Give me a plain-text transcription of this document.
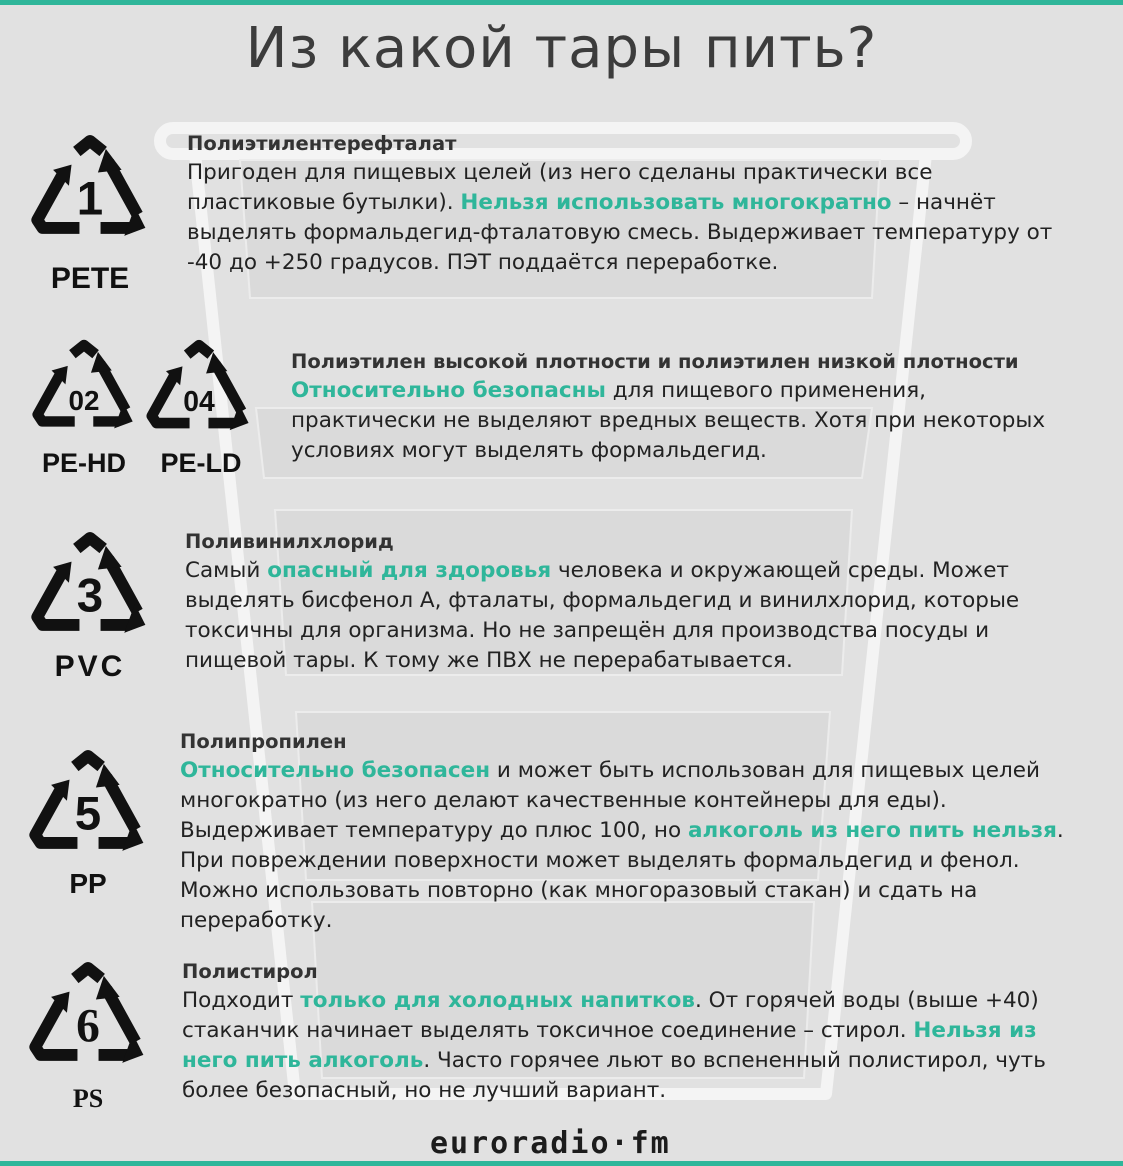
Из какой тары пить?
1
PETE
02
PE-HD
04
PE-LD
3
PVC
5
PP
6
PS
Полиэтилентерефталат
Пригоден для пищевых целей (из него сделаны практически все пластиковые бутылки). Нельзя использовать многократно – начнёт выделять формальдегид-фталатовую смесь. Выдерживает температуру от -40 до +250 градусов. ПЭТ поддаётся переработке.
Полиэтилен высокой плотности и полиэтилен низкой плотности
Относительно безопасны для пищевого применения, практически не выделяют вредных веществ. Хотя при некоторых условиях могут выделять формальдегид.
Поливинилхлорид
Самый опасный для здоровья человека и окружающей среды. Может выделять бисфенол А, фталаты, формальдегид и винилхлорид, которые токсичны для организма. Но не запрещён для производства посуды и пищевой тары. К тому же ПВХ не перерабатывается.
Полипропилен
Относительно безопасен и может быть использован для пищевых целей многократно (из него делают качественные контейнеры для еды). Выдерживает температуру до плюс 100, но алкоголь из него пить нельзя. При повреждении поверхности может выделять формальдегид и фенол. Можно использовать повторно (как многоразовый стакан) и сдать на переработку.
Полистирол
Подходит только для холодных напитков. От горячей воды (выше +40) стаканчик начинает выделять токсичное соединение – стирол. Нельзя из него пить алкоголь. Часто горячее льют во вспененный полистирол, чуть более безопасный, но не лучший вариант.
euroradio·fm
